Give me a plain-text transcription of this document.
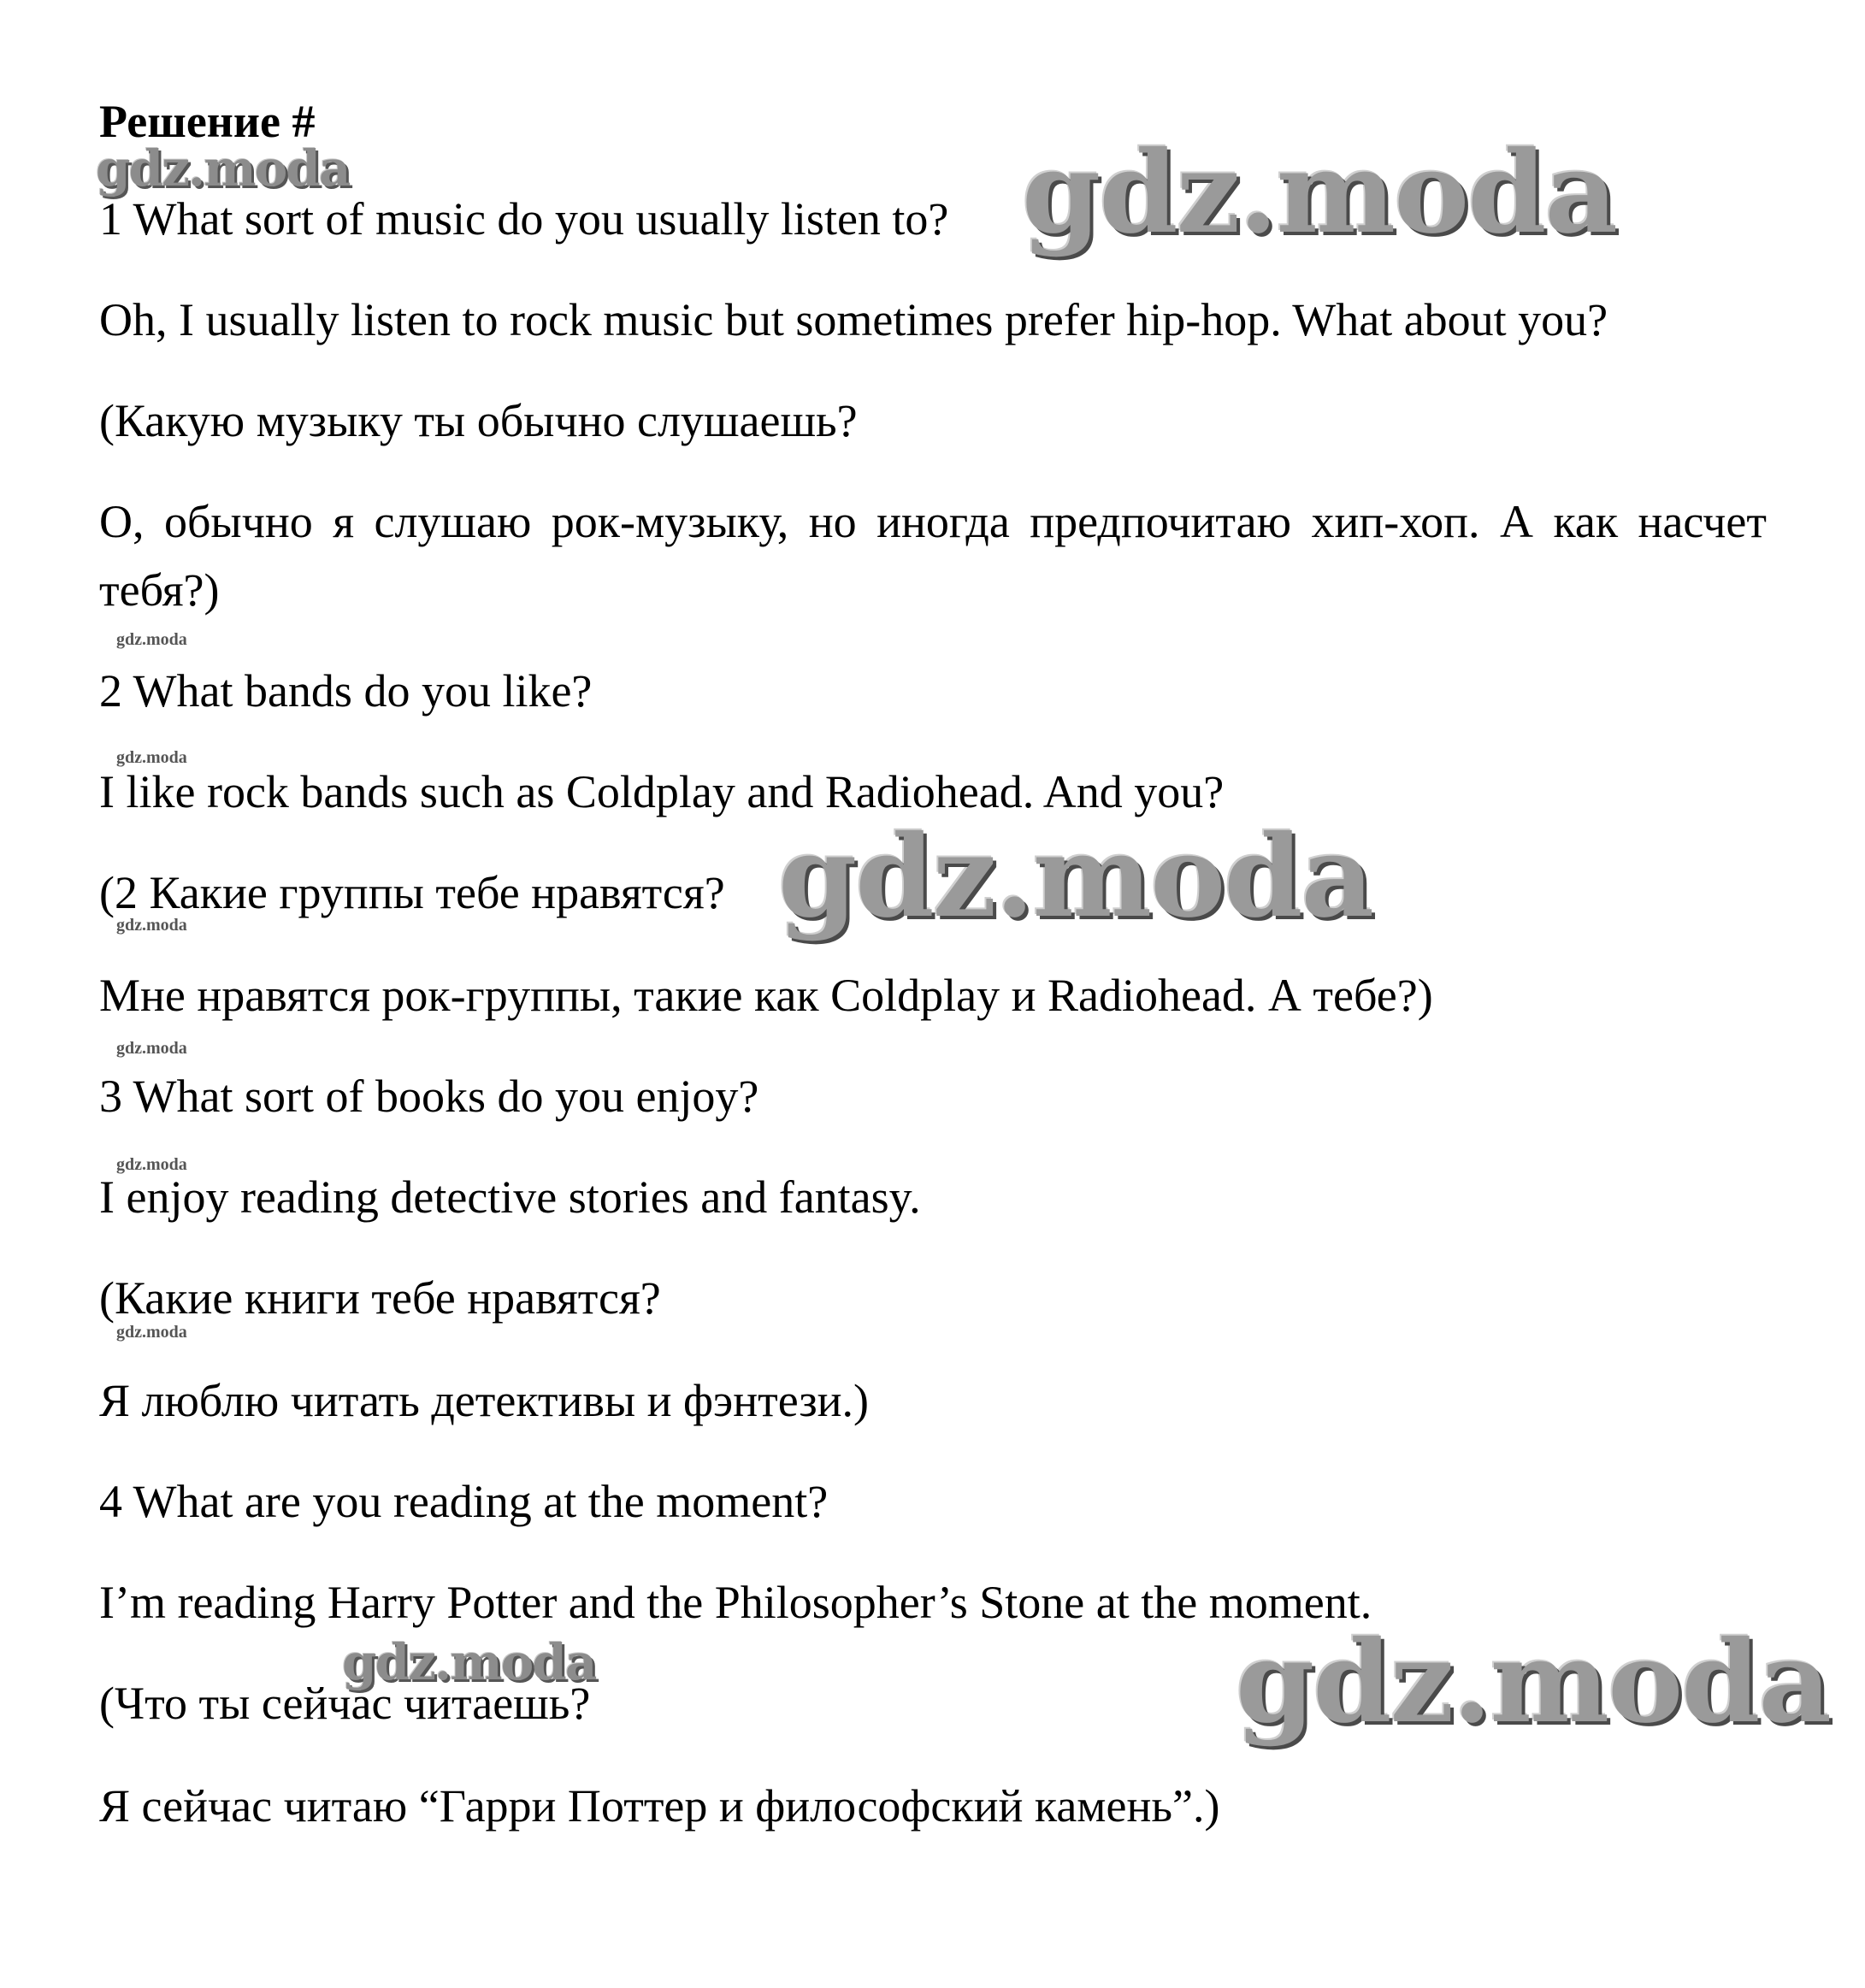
Решение #
1 What sort of music do you usually listen to?
Oh, I usually listen to rock music but sometimes prefer hip-hop. What about you?
(Какую музыку ты обычно слушаешь?
О, обычно я слушаю рок-музыку, но иногда предпочитаю хип-хоп. А как насчет тебя?)
2 What bands do you like?
I like rock bands such as Coldplay and Radiohead. And you?
(2 Какие группы тебе нравятся?
Мне нравятся рок-группы, такие как Coldplay и Radiohead. А тебе?)
3 What sort of books do you enjoy?
I enjoy reading detective stories and fantasy.
(Какие книги тебе нравятся?
Я люблю читать детективы и фэнтези.)
4 What are you reading at the moment?
I’m reading Harry Potter and the Philosopher’s Stone at the moment.
(Что ты сейчас читаешь?
Я сейчас читаю “Гарри Поттер и философский камень”.)
gdz.moda	gdz.moda
gdz.moda
gdz.moda
gdz.moda
gdz.moda
gdz.moda
gdz.moda
gdz.moda
gdz.moda	gdz.moda
